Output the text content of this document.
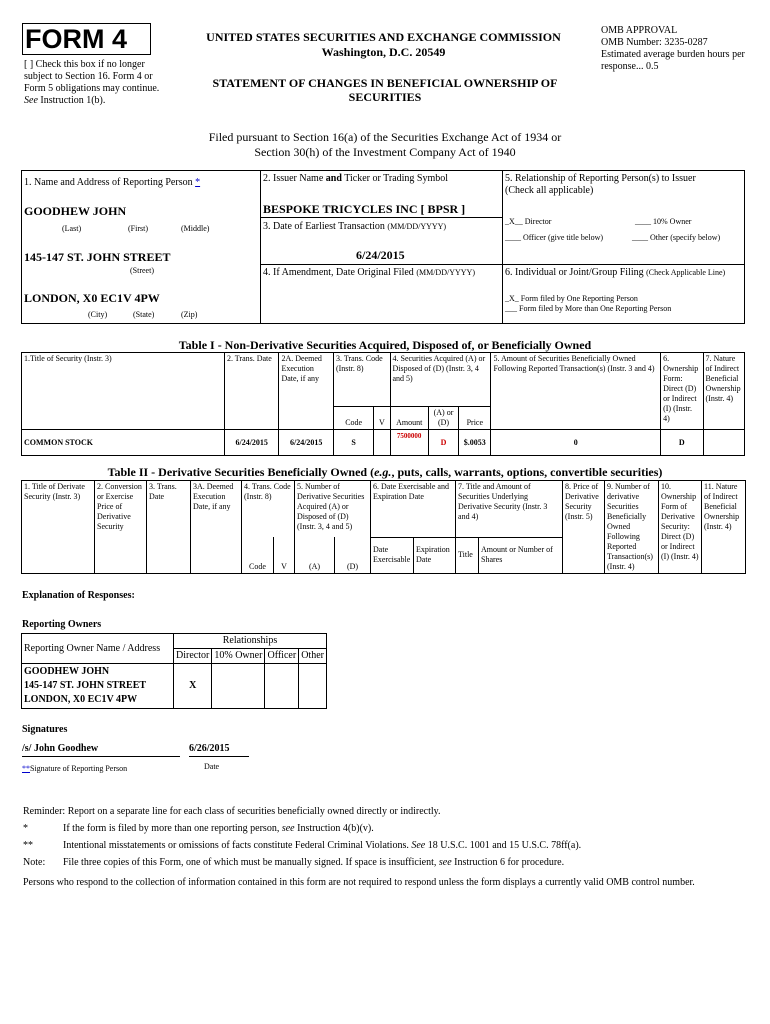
FORM 4
[ ] Check this box if no longer subject to Section 16. Form 4 or Form 5 obligations may continue. See Instruction 1(b).
UNITED STATES SECURITIES AND EXCHANGE COMMISSION
Washington, D.C. 20549
STATEMENT OF CHANGES IN BENEFICIAL OWNERSHIP OF SECURITIES
OMB APPROVAL
OMB Number: 3235-0287
Estimated average burden hours per response... 0.5
Filed pursuant to Section 16(a) of the Securities Exchange Act of 1934 or
Section 30(h) of the Investment Company Act of 1940
1. Name and Address of Reporting Person *
GOODHEW JOHN
(Last)	(First)	(Middle)
145-147 ST. JOHN STREET
(Street)
LONDON, X0 EC1V 4PW
(City)	(State)	(Zip)
2. Issuer Name and Ticker or Trading Symbol
BESPOKE TRICYCLES INC [ BPSR ]
3. Date of Earliest Transaction (MM/DD/YYYY)
6/24/2015
4. If Amendment, Date Original Filed (MM/DD/YYYY)
5. Relationship of Reporting Person(s) to Issuer
(Check all applicable)
_X__ Director	____ 10% Owner
____ Officer (give title below)	____ Other (specify below)
6. Individual or Joint/Group Filing (Check Applicable Line)
_X_ Form filed by One Reporting Person
___ Form filed by More than One Reporting Person
Table I - Non-Derivative Securities Acquired, Disposed of, or Beneficially Owned
1.Title of Security (Instr. 3)	2. Trans. Date	2A. Deemed Execution Date, if any	3. Trans. Code (Instr. 8)		4. Securities Acquired (A) or Disposed of (D) (Instr. 3, 4 and 5)			5. Amount of Securities Beneficially Owned Following Reported Transaction(s) (Instr. 3 and 4)	6. Ownership Form: Direct (D) or Indirect (I) (Instr. 4)	7. Nature of Indirect Beneficial Ownership (Instr. 4)
			Code	V	Amount	(A) or (D)	Price			
COMMON STOCK	6/24/2015	6/24/2015	S		7500000	D	$.0053	0	D	
Table II - Derivative Securities Beneficially Owned (e.g., puts, calls, warrants, options, convertible securities)
1. Title of Derivate Security (Instr. 3)	2. Conversion or Exercise Price of Derivative Security	3. Trans. Date	3A. Deemed Execution Date, if any	4. Trans. Code (Instr. 8)		5. Number of Derivative Securities Acquired (A) or Disposed of (D) (Instr. 3, 4 and 5)		6. Date Exercisable and Expiration Date		7. Title and Amount of Securities Underlying Derivative Security (Instr. 3 and 4)		8. Price of Derivative Security (Instr. 5)	9. Number of derivative Securities Beneficially Owned Following Reported Transaction(s) (Instr. 4)	10. Ownership Form of Derivative Security: Direct (D) or Indirect (I) (Instr. 4)	11. Nature of Indirect Beneficial Ownership (Instr. 4)

				Code	V	(A)	(D)	Date Exercisable	Expiration Date	Title	Amount or Number of Shares				
Explanation of Responses:
Reporting Owners
Reporting Owner Name / Address	Relationships			
	Director	10% Owner	Officer	Other

GOODHEW JOHN
145-147 ST. JOHN STREET
LONDON, X0 EC1V 4PW	X			
Signatures
/s/ John Goodhew	6/26/2015
**Signature of Reporting Person	Date
Reminder: Report on a separate line for each class of securities beneficially owned directly or indirectly.
*	If the form is filed by more than one reporting person, see Instruction 4(b)(v).
**	Intentional misstatements or omissions of facts constitute Federal Criminal Violations. See 18 U.S.C. 1001 and 15 U.S.C. 78ff(a).
Note: File three copies of this Form, one of which must be manually signed. If space is insufficient, see Instruction 6 for procedure.
Persons who respond to the collection of information contained in this form are not required to respond unless the form displays a currently valid OMB control number.
